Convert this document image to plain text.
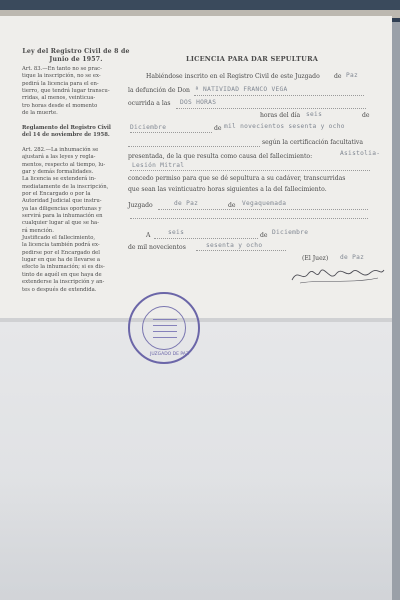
Ley del Registro Civil de 8 de Junio de 1957.	LICENCIA PARA DAR SEPULTURA
Art. 83.—En tanto no se prac-
tique la inscripción, no se ex-
pedirá la licencia para el en-
tierro, que tendrá lugar transcu-
rridas, al menos, veinticua-
tro horas desde el momento
de la muerte.
Reglamento del Registro Civil
del 14 de noviembre de 1958.
Art. 282.—La inhumación se
ajustará a las leyes y regla-
mentos, respecto al tiempo, lu-
gar y demás formalidades.
La licencia se extenderá in-
mediatamente de la inscripción,
por el Encargado o por la
Autoridad Judicial que instru-
ya las diligencias oportunas y
servirá para la inhumación en
cualquier lugar al que se ha-
rá mención.
Justificado el fallecimiento,
la licencia también podrá ex-
pedirse por el Encargado del
lugar en que ha de llevarse a
efecto la inhumación; si es dis-
tinto de aquél en que haya de
extenderse la inscripción y an-
tes o después de extendida.
Habiéndose inscrito en el Registro Civil de este Juzgado de Paz
la defunción de Don ª NATIVIDAD FRANCO VEGA
ocurrida a las DOS HORAS
horas del día seis	de
Diciembre	de mil novecientos sesenta y ocho
según la certificación facultativa
presentada, de la que resulta como causa del fallecimiento:	Asistolia-
Lesión Mitral
concedo permiso para que se dé sepultura a su cadáver, transcurridas
que sean las veinticuatro horas siguientes a la del fallecimiento.
Juzgado	de Paz	de Vegaquemada
A	seis	de Diciembre
de mil novecientos	sesenta y ocho
(El Juez) de Paz
JUZGADO DE PAZ
